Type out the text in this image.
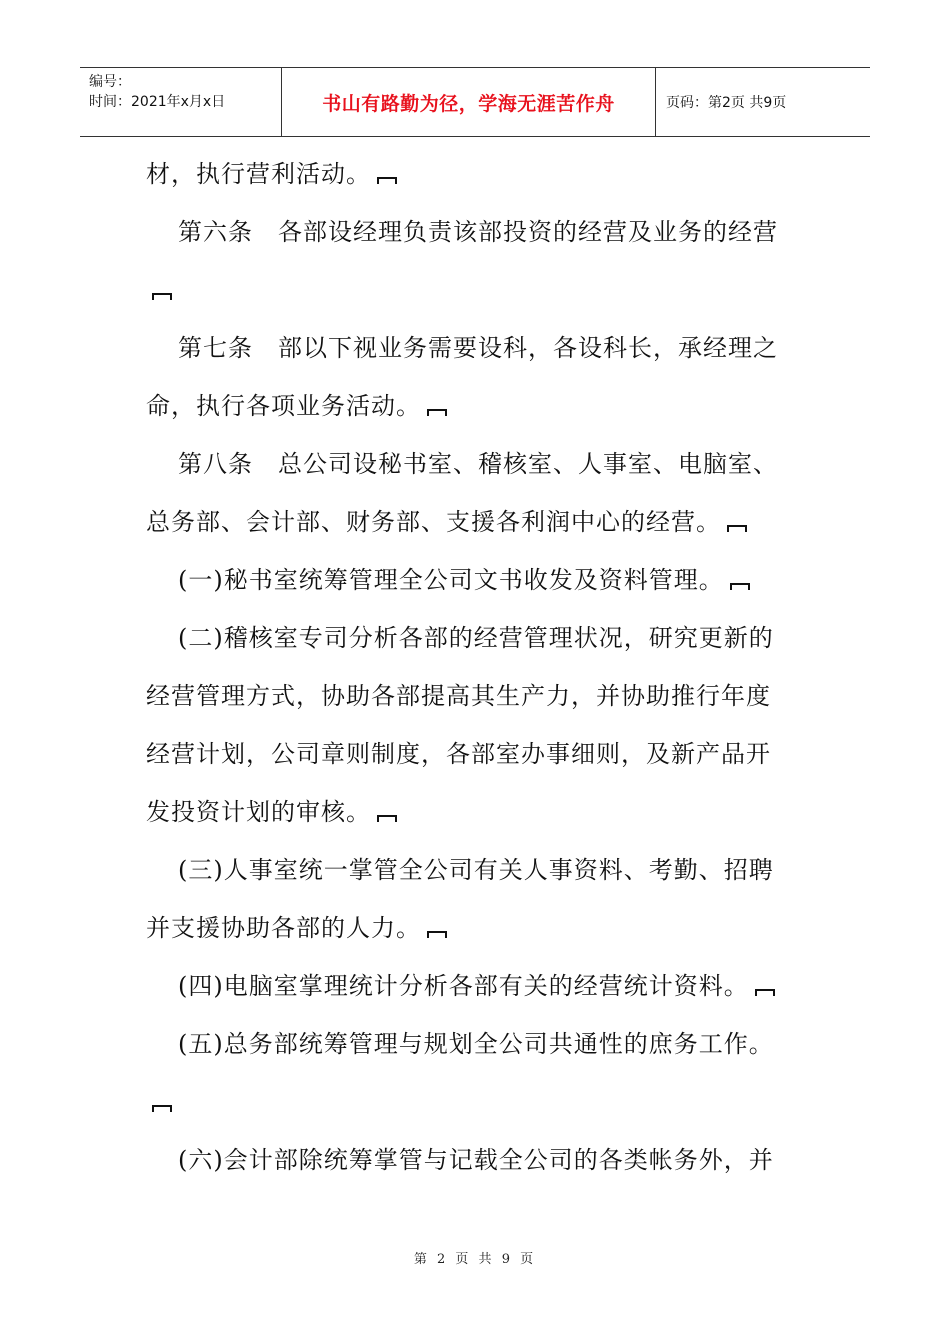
编号：
时间：2021年x月x日	书山有路勤为径，学海无涯苦作舟	页码：第2页 共9页
材，执行营利活动。
第六条　各部设经理负责该部投资的经营及业务的经营
第七条　部以下视业务需要设科，各设科长，承经理之
命，执行各项业务活动。
第八条　总公司设秘书室、稽核室、人事室、电脑室、
总务部、会计部、财务部、支援各利润中心的经营。
(一)秘书室统筹管理全公司文书收发及资料管理。
(二)稽核室专司分析各部的经营管理状况，研究更新的
经营管理方式，协助各部提高其生产力，并协助推行年度
经营计划，公司章则制度，各部室办事细则，及新产品开
发投资计划的审核。
(三)人事室统一掌管全公司有关人事资料、考勤、招聘
并支援协助各部的人力。
(四)电脑室掌理统计分析各部有关的经营统计资料。
(五)总务部统筹管理与规划全公司共通性的庶务工作。
(六)会计部除统筹掌管与记载全公司的各类帐务外，并
第 2 页 共 9 页
